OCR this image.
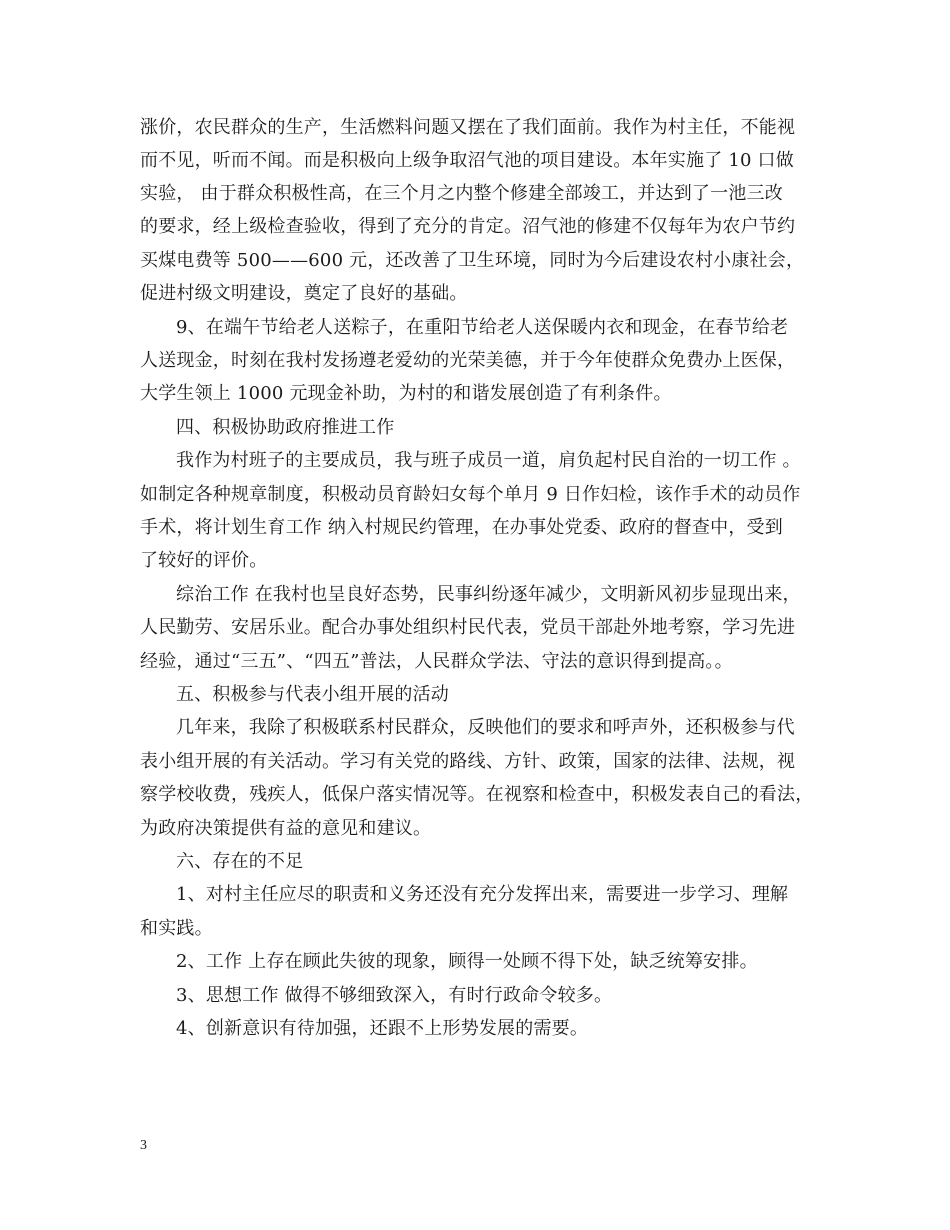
涨价，农民群众的生产，生活燃料问题又摆在了我们面前。我作为村主任，不能视
而不见，听而不闻。而是积极向上级争取沼气池的项目建设。本年实施了 10 口做
实验， 由于群众积极性高，在三个月之内整个修建全部竣工，并达到了一池三改
的要求，经上级检查验收，得到了充分的肯定。沼气池的修建不仅每年为农户节约
买煤电费等 500——600 元，还改善了卫生环境，同时为今后建设农村小康社会，
促进村级文明建设，奠定了良好的基础。
9、在端午节给老人送粽子，在重阳节给老人送保暖内衣和现金，在春节给老
人送现金，时刻在我村发扬遵老爱幼的光荣美德，并于今年使群众免费办上医保，
大学生领上 1000 元现金补助，为村的和谐发展创造了有利条件。
四、积极协助政府推进工作
我作为村班子的主要成员，我与班子成员一道，肩负起村民自治的一切工作 。
如制定各种规章制度，积极动员育龄妇女每个单月 9 日作妇检，该作手术的动员作
手术，将计划生育工作 纳入村规民约管理，在办事处党委、政府的督查中，受到
了较好的评价。
综治工作 在我村也呈良好态势，民事纠纷逐年减少，文明新风初步显现出来，
人民勤劳、安居乐业。配合办事处组织村民代表，党员干部赴外地考察，学习先进
经验，通过“三五”、“四五”普法，人民群众学法、守法的意识得到提高。。
五、积极参与代表小组开展的活动
几年来，我除了积极联系村民群众，反映他们的要求和呼声外，还积极参与代
表小组开展的有关活动。学习有关党的路线、方针、政策，国家的法律、法规，视
察学校收费，残疾人，低保户落实情况等。在视察和检查中，积极发表自己的看法，
为政府决策提供有益的意见和建议。
六、存在的不足
1、对村主任应尽的职责和义务还没有充分发挥出来，需要进一步学习、理解
和实践。
2、工作 上存在顾此失彼的现象，顾得一处顾不得下处，缺乏统筹安排。
3、思想工作 做得不够细致深入，有时行政命令较多。
4、创新意识有待加强，还跟不上形势发展的需要。
3
